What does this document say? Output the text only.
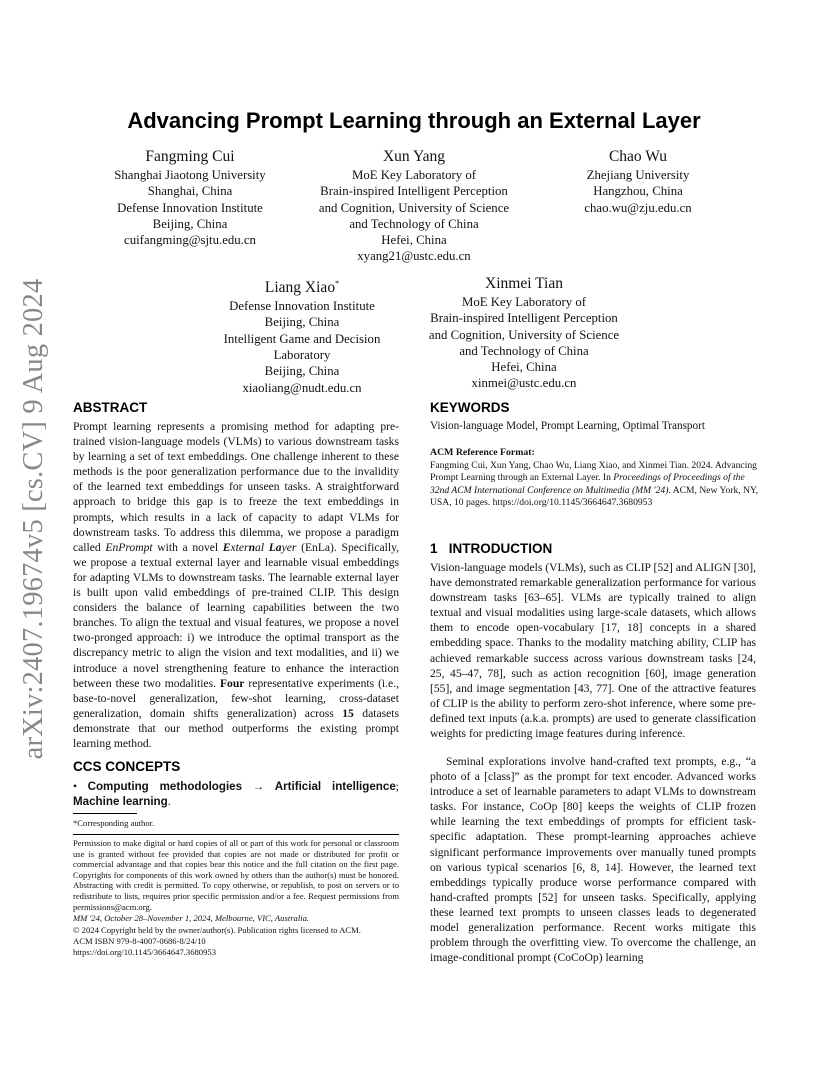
arXiv:2407.19674v5 [cs.CV] 9 Aug 2024
Advancing Prompt Learning through an External Layer
Fangming Cui
Shanghai Jiaotong University
Shanghai, China
Defense Innovation Institute
Beijing, China
cuifangming@sjtu.edu.cn
Xun Yang
MoE Key Laboratory of
Brain-inspired Intelligent Perception
and Cognition, University of Science
and Technology of China
Hefei, China
xyang21@ustc.edu.cn
Chao Wu
Zhejiang University
Hangzhou, China
chao.wu@zju.edu.cn
Liang Xiao*
Defense Innovation Institute
Beijing, China
Intelligent Game and Decision
Laboratory
Beijing, China
xiaoliang@nudt.edu.cn
Xinmei Tian
MoE Key Laboratory of
Brain-inspired Intelligent Perception
and Cognition, University of Science
and Technology of China
Hefei, China
xinmei@ustc.edu.cn
ABSTRACT

Prompt learning represents a promising method for adapting pre-trained vision-language models (VLMs) to various downstream tasks by learning a set of text embeddings. One challenge inherent to these methods is the poor generalization performance due to the invalidity of the learned text embeddings for unseen tasks. A straightforward approach to bridge this gap is to freeze the text embeddings in prompts, which results in a lack of capacity to adapt VLMs for downstream tasks. To address this dilemma, we propose a paradigm called EnPrompt with a novel External Layer (EnLa). Specifically, we propose a textual external layer and learnable visual embeddings for adapting VLMs to downstream tasks. The learnable external layer is built upon valid embeddings of pre-trained CLIP. This design considers the balance of learning capabilities between the two branches. To align the textual and visual features, we propose a novel two-pronged approach: i) we introduce the optimal transport as the discrepancy metric to align the vision and text modalities, and ii) we introduce a novel strengthening feature to enhance the interaction between these two modalities. Four representative experiments (i.e., base-to-novel generalization, few-shot learning, cross-dataset generalization, domain shifts generalization) across 15 datasets demonstrate that our method outperforms the existing prompt learning method.

CCS CONCEPTS

• Computing methodologies → Artificial intelligence; Machine learning.

*Corresponding author.

Permission to make digital or hard copies of all or part of this work for personal or classroom use is granted without fee provided that copies are not made or distributed for profit or commercial advantage and that copies bear this notice and the full citation on the first page. Copyrights for components of this work owned by others than the author(s) must be honored. Abstracting with credit is permitted. To copy otherwise, or republish, to post on servers or to redistribute to lists, requires prior specific permission and/or a fee. Request permissions from permissions@acm.org.

MM '24, October 28–November 1, 2024, Melbourne, VIC, Australia.

© 2024 Copyright held by the owner/author(s). Publication rights licensed to ACM.

ACM ISBN 979-8-4007-0686-8/24/10

https://doi.org/10.1145/3664647.3680953

KEYWORDS

Vision-language Model, Prompt Learning, Optimal Transport

ACM Reference Format:

Fangming Cui, Xun Yang, Chao Wu, Liang Xiao, and Xinmei Tian. 2024. Advancing Prompt Learning through an External Layer. In Proceedings of Proceedings of the 32nd ACM International Conference on Multimedia (MM '24). ACM, New York, NY, USA, 10 pages. https://doi.org/10.1145/3664647.3680953

1   INTRODUCTION

Vision-language models (VLMs), such as CLIP [52] and ALIGN [30], have demonstrated remarkable generalization performance for various downstream tasks [63–65]. VLMs are typically trained to align textual and visual modalities using large-scale datasets, which allows them to encode open-vocabulary [17, 18] concepts in a shared embedding space. Thanks to the modality matching ability, CLIP has achieved remarkable success across various downstream tasks [24, 25, 45–47, 78], such as action recognition [60], image generation [55], and image segmentation [43, 77]. One of the attractive features of CLIP is the ability to perform zero-shot inference, where some pre-defined text inputs (a.k.a. prompts) are used to generate classification weights for predicting image features during inference.

Seminal explorations involve hand-crafted text prompts, e.g., “a photo of a [class]” as the prompt for text encoder. Advanced works introduce a set of learnable parameters to adapt VLMs to downstream tasks. For instance, CoOp [80] keeps the weights of CLIP frozen while learning the text embeddings of prompts for efficient task-specific adaptation. These prompt-learning approaches achieve significant performance improvements over manually tuned prompts on various typical scenarios [6, 8, 14]. However, the learned text embeddings typically produce worse performance compared with hand-crafted prompts [52] for unseen tasks. Specifically, applying these learned text prompts to unseen classes leads to degenerated model generalization performance. Recent works mitigate this problem through the overfitting view. To overcome the challenge, an image-conditional prompt (CoCoOp) learning
